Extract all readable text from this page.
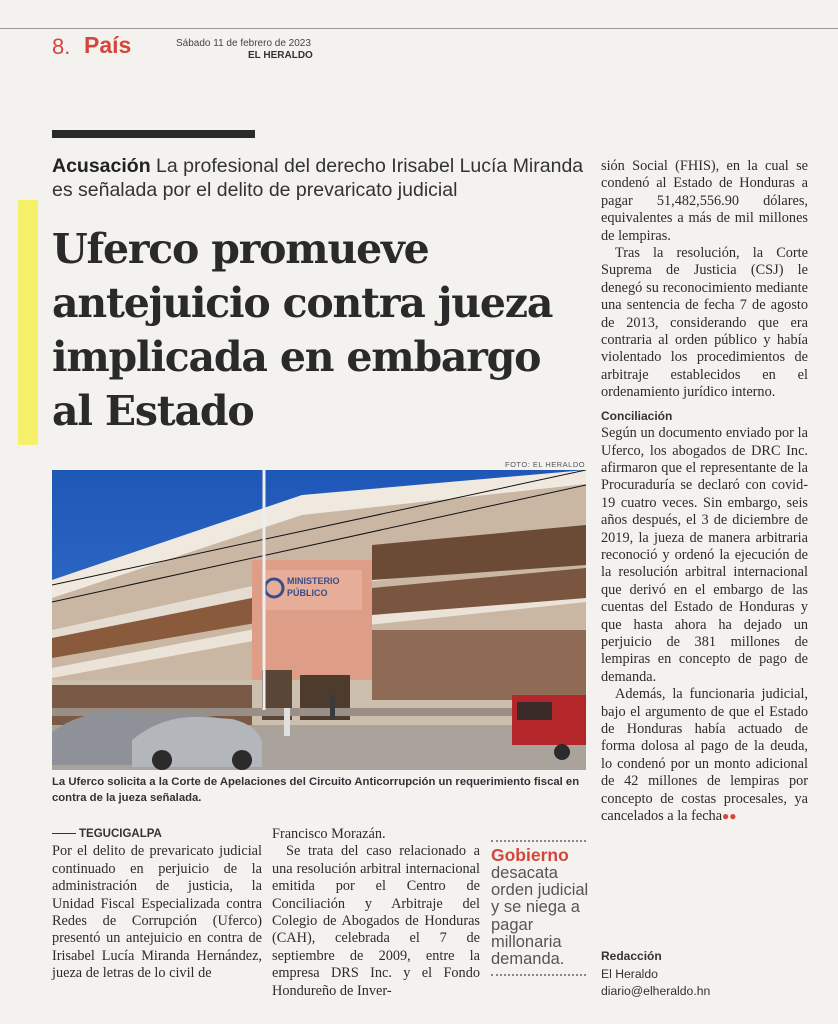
8. País	Sábado 11 de febrero de 2023
EL HERALDO
Acusación La profesional del derecho Irisabel Lucía Miranda es señalada por el delito de prevaricato judicial
Uferco promueve antejuicio contra jueza implicada en embargo al Estado
FOTO: EL HERALDO
MINISTERIO
PÚBLICO
La Uferco solicita a la Corte de Apelaciones del Circuito Anticorrupción un requerimiento fiscal en contra de la jueza señalada.
TEGUCIGALPA

Por el delito de prevaricato judicial continuado en perjuicio de la administración de justicia, la Unidad Fiscal Especializada contra Redes de Corrupción (Uferco) presentó un antejuicio en contra de Irisabel Lucía Miranda Hernández, jueza de letras de lo civil de

Francisco Morazán.

Se trata del caso relacionado a una resolución arbitral internacional emitida por el Centro de Conciliación y Arbitraje del Colegio de Abogados de Honduras (CAH), celebrada el 7 de septiembre de 2009, entre la empresa DRS Inc. y el Fondo Hondureño de Inver-

Gobierno
desacata orden judicial y se niega a pagar millonaria demanda.

sión Social (FHIS), en la cual se condenó al Estado de Honduras a pagar 51,482,556.90 dólares, equivalentes a más de mil millones de lempiras.

Tras la resolución, la Corte Suprema de Justicia (CSJ) le denegó su reconocimiento mediante una sentencia de fecha 7 de agosto de 2013, considerando que era contraria al orden público y había violentado los procedimientos de arbitraje establecidos en el ordenamiento jurídico interno.

Conciliación

Según un documento enviado por la Uferco, los abogados de DRC Inc. afirmaron que el representante de la Procuraduría se declaró con covid-19 cuatro veces. Sin embargo, seis años después, el 3 de diciembre de 2019, la jueza de manera arbitraria reconoció y ordenó la ejecución de la resolución arbitral internacional que derivó en el embargo de las cuentas del Estado de Honduras y que hasta ahora ha dejado un perjuicio de 381 millones de lempiras en concepto de pago de demanda.

Además, la funcionaria judicial, bajo el argumento de que el Estado de Honduras había actuado de forma dolosa al pago de la deuda, lo condenó por un monto adicional de 42 millones de lempiras por concepto de costas procesales, ya cancelados a la fecha●●

Redacción
El Heraldo
diario@elheraldo.hn
